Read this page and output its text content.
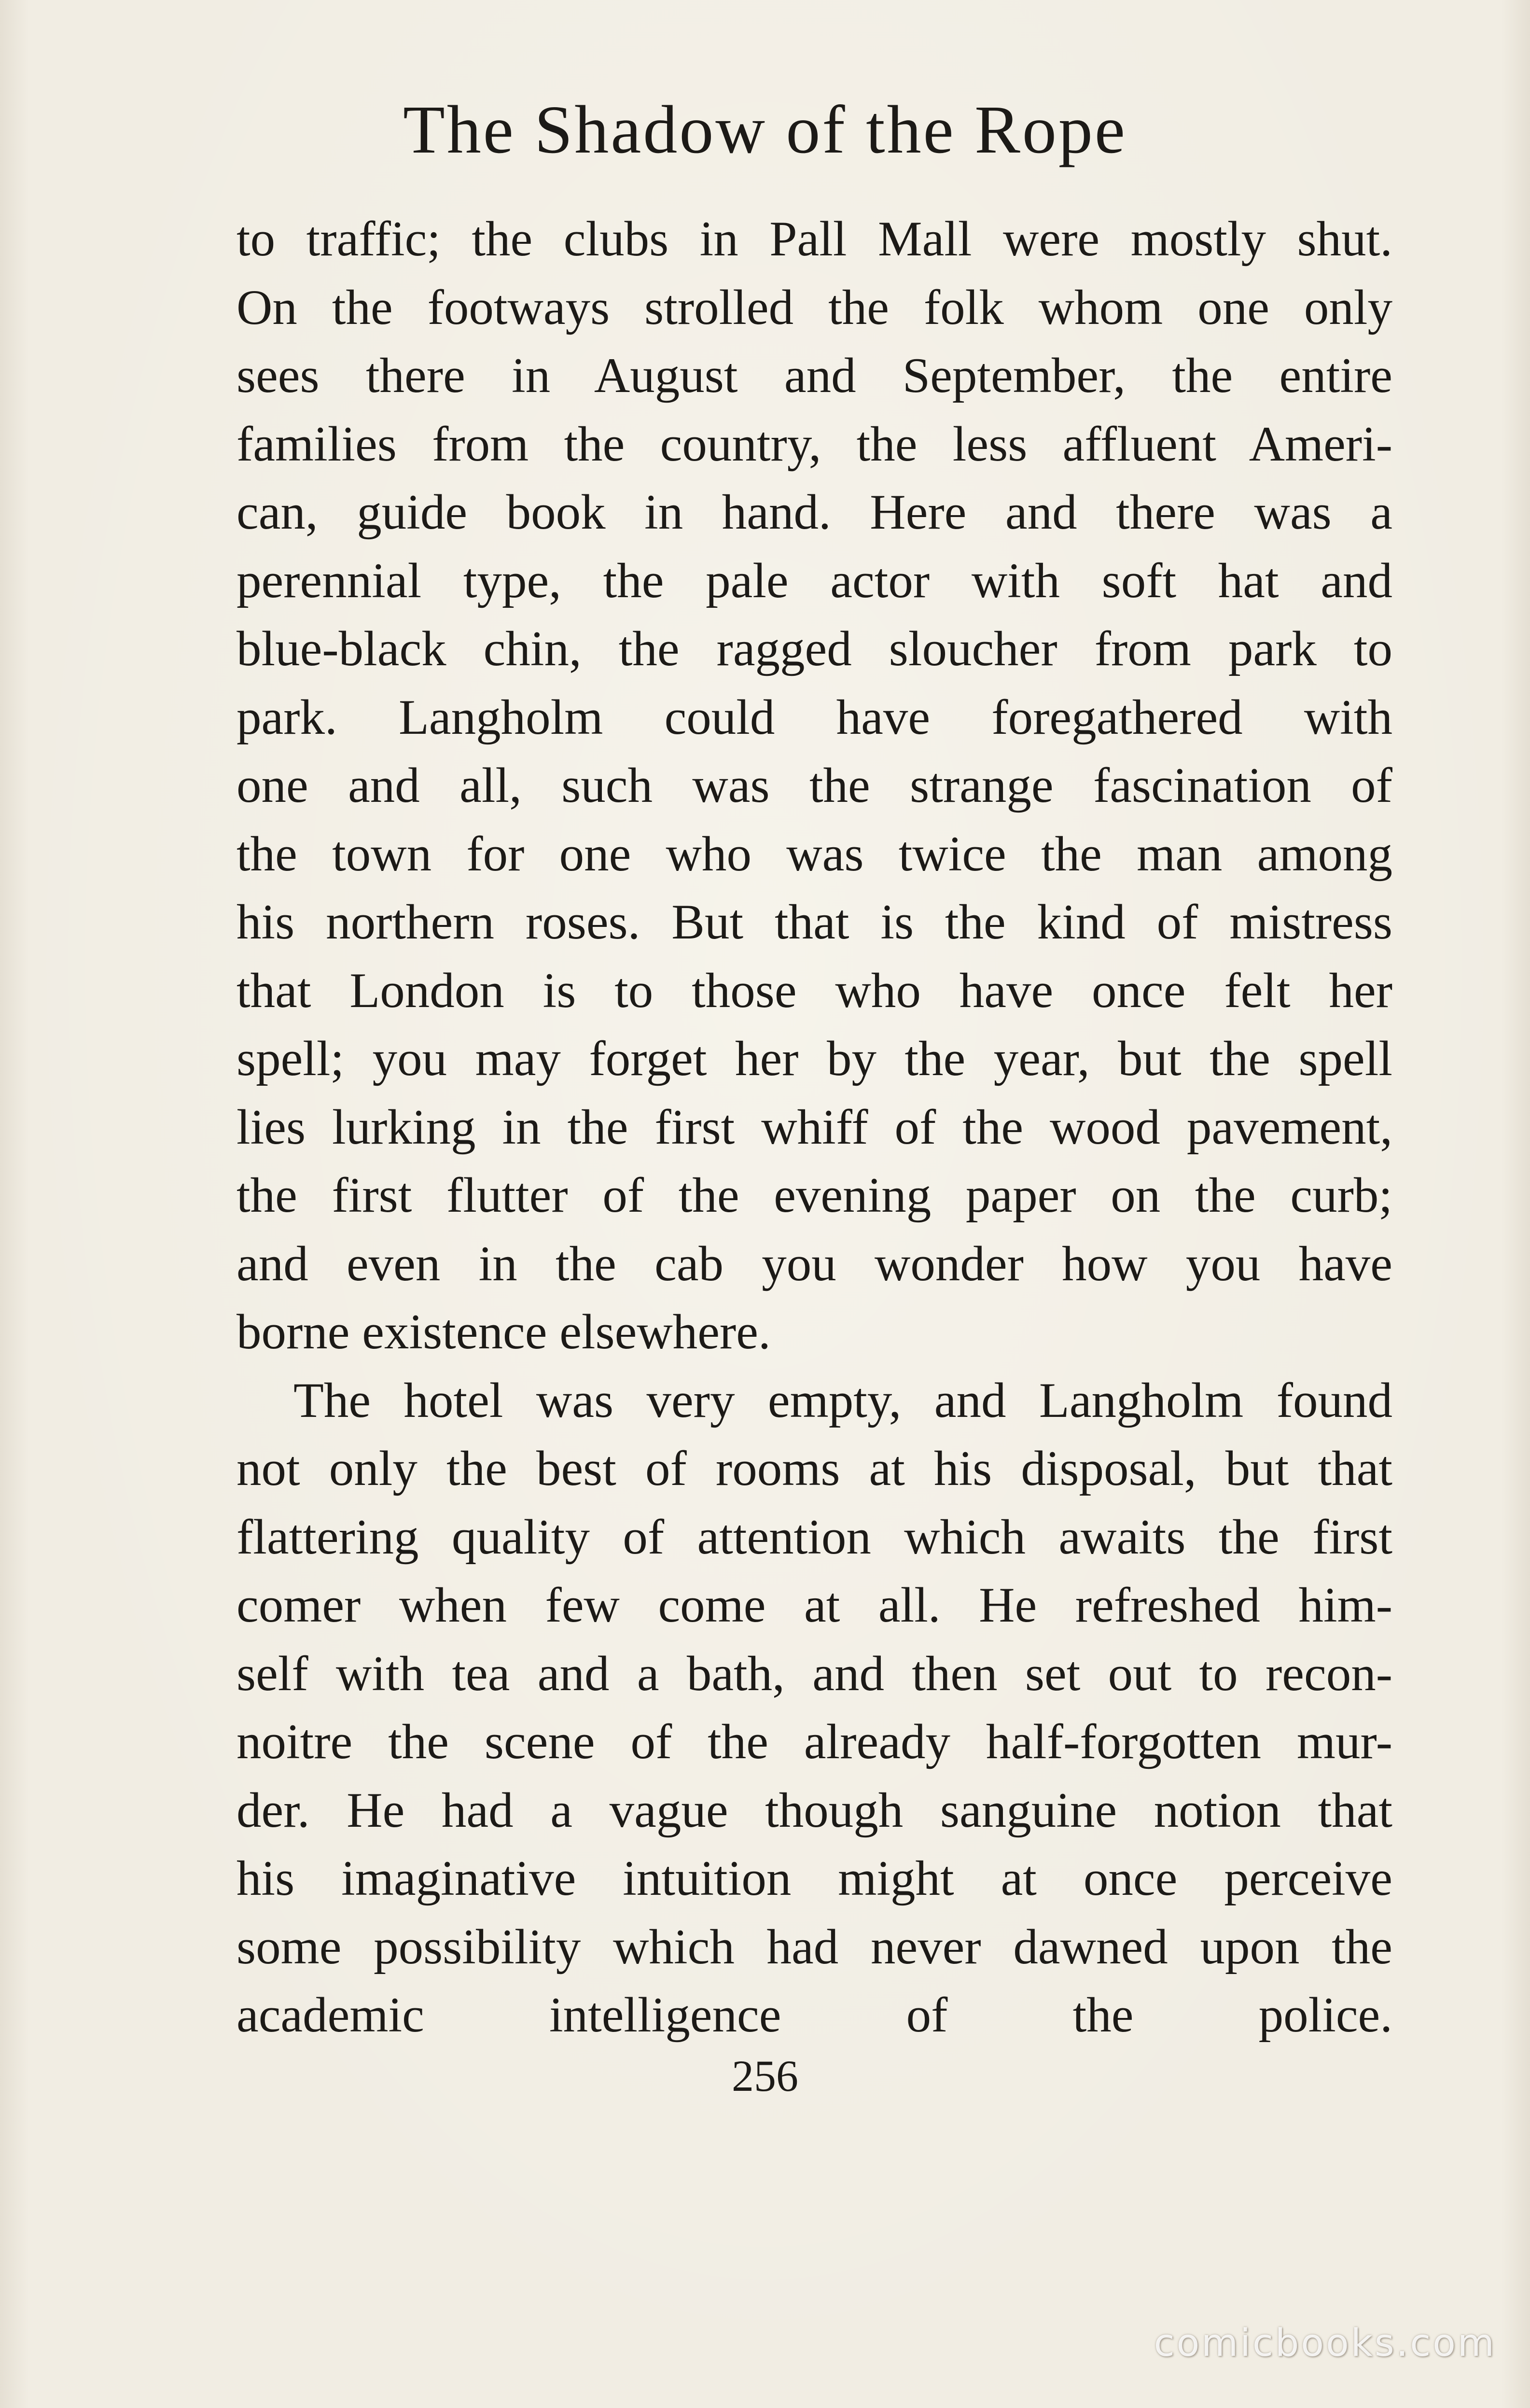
The Shadow of the Rope
to traffic; the clubs in Pall Mall were mostly shut.
On the footways strolled the folk whom one only
sees there in August and September, the entire
families from the country, the less affluent Ameri-
can, guide book in hand. Here and there was a
perennial type, the pale actor with soft hat and
blue-black chin, the ragged sloucher from park to
park. Langholm could have foregathered with
one and all, such was the strange fascination of
the town for one who was twice the man among
his northern roses. But that is the kind of mistress
that London is to those who have once felt her
spell; you may forget her by the year, but the spell
lies lurking in the first whiff of the wood pavement,
the first flutter of the evening paper on the curb;
and even in the cab you wonder how you have
borne existence elsewhere.
The hotel was very empty, and Langholm found
not only the best of rooms at his disposal, but that
flattering quality of attention which awaits the first
comer when few come at all. He refreshed him-
self with tea and a bath, and then set out to recon-
noitre the scene of the already half-forgotten mur-
der. He had a vague though sanguine notion that
his imaginative intuition might at once perceive
some possibility which had never dawned upon the
academic intelligence of the police.
256
comicbooks.com
